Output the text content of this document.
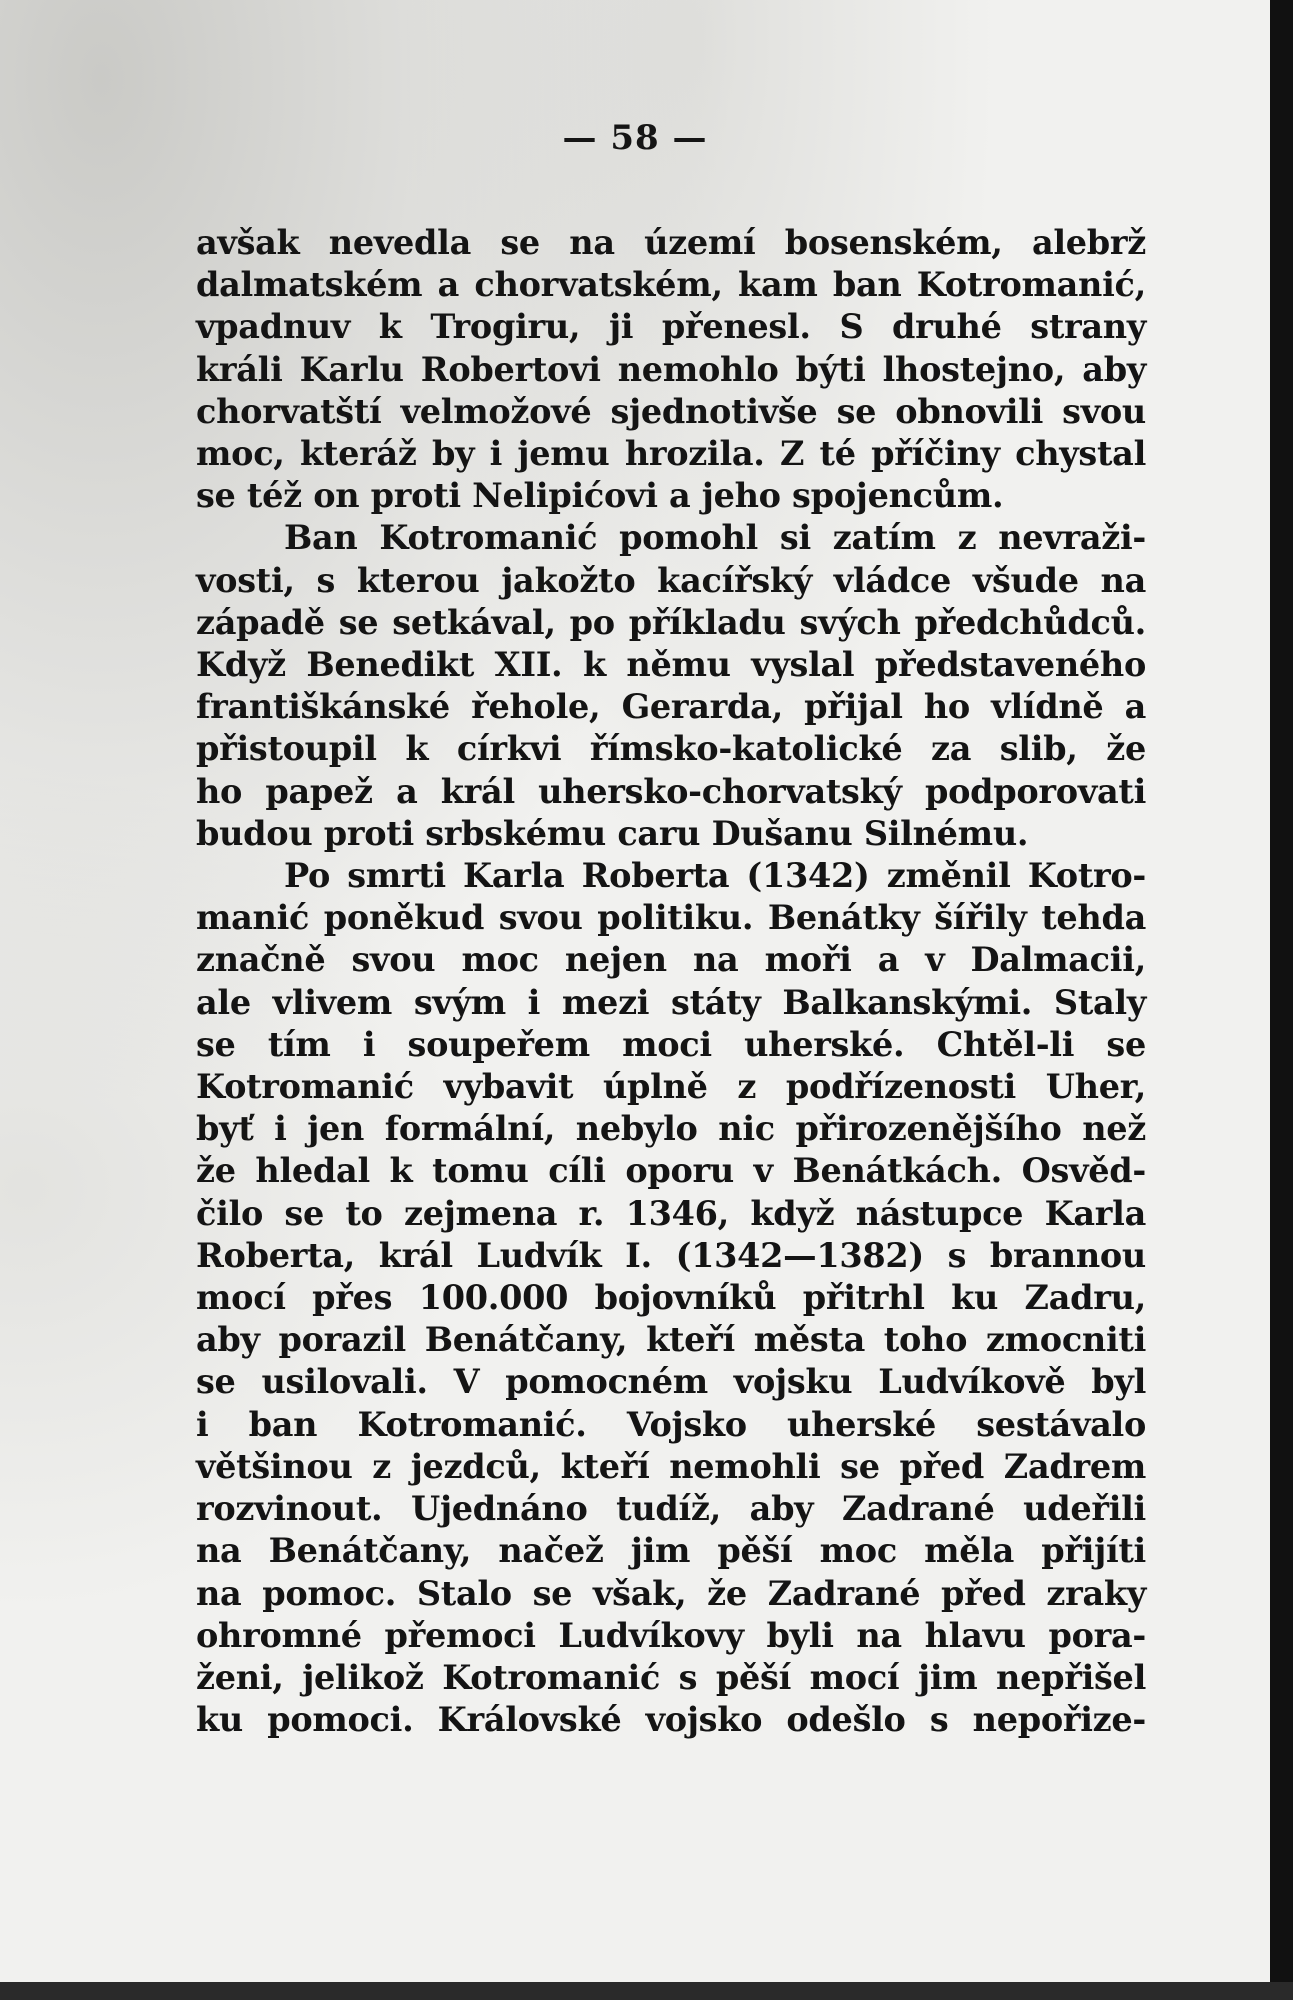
— 58 —
avšak nevedla se na území bosenském, alebrž
dalmatském a chorvatském, kam ban Kotromanić,
vpadnuv k Trogiru, ji přenesl. S druhé strany
králi Karlu Robertovi nemohlo býti lhostejno, aby
chorvatští velmožové sjednotivše se obnovili svou
moc, kteráž by i jemu hrozila. Z té příčiny chystal
se též on proti Nelipićovi a jeho spojencům.
Ban Kotromanić pomohl si zatím z nevraži-
vosti, s kterou jakožto kacířský vládce všude na
západě se setkával, po příkladu svých předchůdců.
Když Benedikt XII. k němu vyslal představeného
františkánské řehole, Gerarda, přijal ho vlídně a
přistoupil k církvi římsko-katolické za slib, že
ho papež a král uhersko-chorvatský podporovati
budou proti srbskému caru Dušanu Silnému.
Po smrti Karla Roberta (1342) změnil Kotro-
manić poněkud svou politiku. Benátky šířily tehda
značně svou moc nejen na moři a v Dalmacii,
ale vlivem svým i mezi státy Balkanskými. Staly
se tím i soupeřem moci uherské. Chtěl-li se
Kotromanić vybavit úplně z podřízenosti Uher,
byť i jen formální, nebylo nic přirozenějšího než
že hledal k tomu cíli oporu v Benátkách. Osvěd-
čilo se to zejmena r. 1346, když nástupce Karla
Roberta, král Ludvík I. (1342—1382) s brannou
mocí přes 100.000 bojovníků přitrhl ku Zadru,
aby porazil Benátčany, kteří města toho zmocniti
se usilovali. V pomocném vojsku Ludvíkově byl
i ban Kotromanić. Vojsko uherské sestávalo
většinou z jezdců, kteří nemohli se před Zadrem
rozvinout. Ujednáno tudíž, aby Zadrané udeřili
na Benátčany, načež jim pěší moc měla přijíti
na pomoc. Stalo se však, že Zadrané před zraky
ohromné přemoci Ludvíkovy byli na hlavu pora-
ženi, jelikož Kotromanić s pěší mocí jim nepřišel
ku pomoci. Královské vojsko odešlo s nepořize-
